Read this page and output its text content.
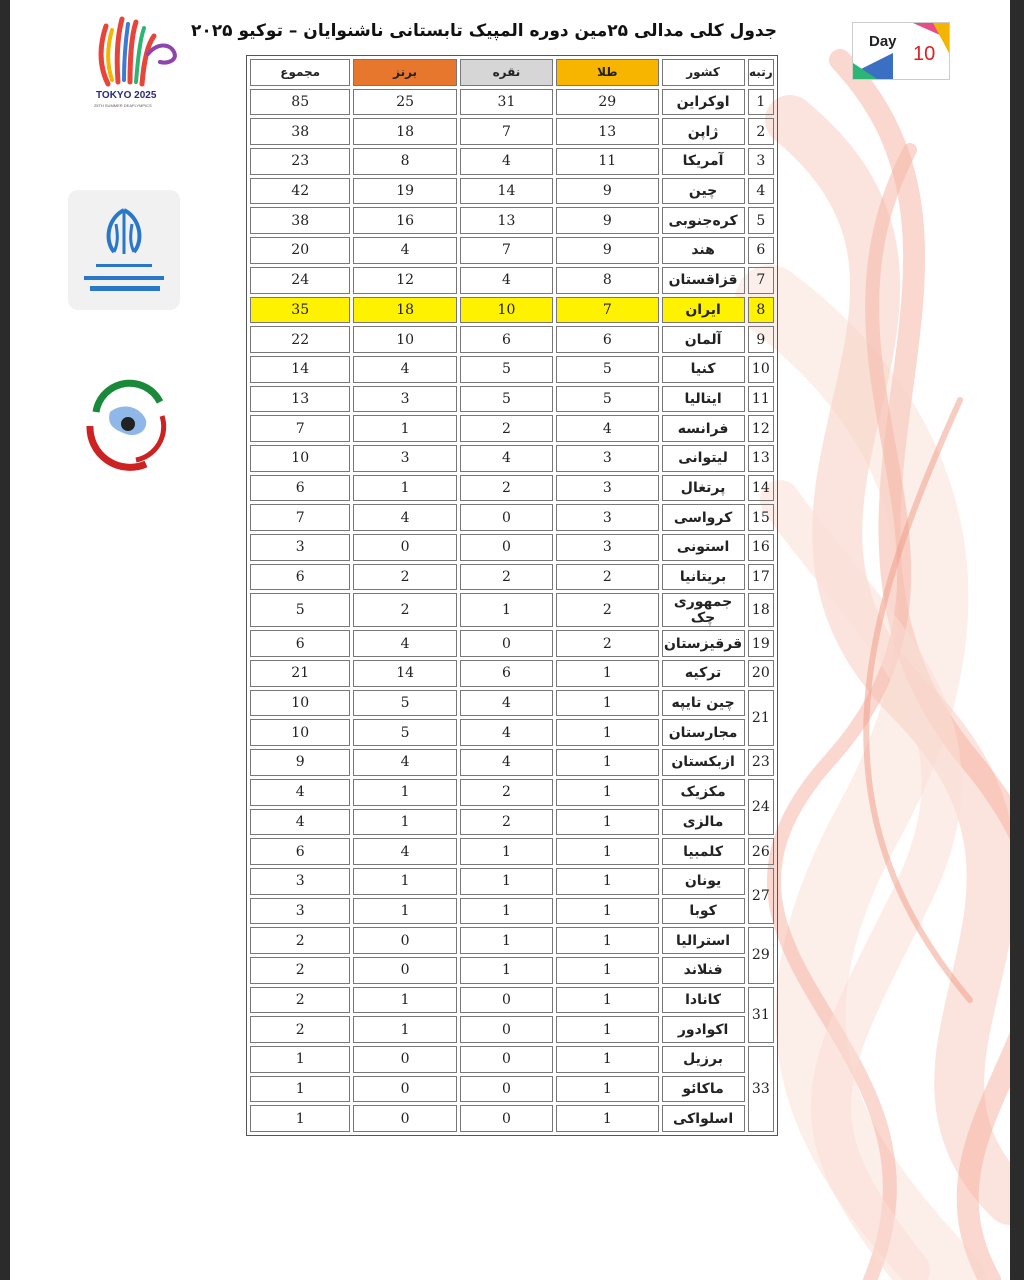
TOKYO 2025
25TH SUMMER DEAFLYMPICS
جدول کلی مدالی ۲۵مین دوره المپیک تابستانی ناشنوایان – توکیو ۲۰۲۵
Day
10
رتبه	کشور	طلا	نقره	برنز	مجموع
1	اوکراین	29	31	25	85
2	ژاپن	13	7	18	38
3	آمریکا	11	4	8	23
4	چین	9	14	19	42
5	کره‌جنوبی	9	13	16	38
6	هند	9	7	4	20
7	قزاقستان	8	4	12	24
8	ایران	7	10	18	35
9	آلمان	6	6	10	22
10	کنیا	5	5	4	14
11	ایتالیا	5	5	3	13
12	فرانسه	4	2	1	7
13	لیتوانی	3	4	3	10
14	پرتغال	3	2	1	6
15	کرواسی	3	0	4	7
16	استونی	3	0	0	3
17	بریتانیا	2	2	2	6
18	جمهوری چک	2	1	2	5
19	قرقیزستان	2	0	4	6
20	ترکیه	1	6	14	21
21	چین تایپه	1	4	5	10
	مجارستان	1	4	5	10
23	ازبکستان	1	4	4	9
24	مکزیک	1	2	1	4
	مالزی	1	2	1	4
26	کلمبیا	1	1	4	6
27	یونان	1	1	1	3
	کوبا	1	1	1	3
29	استرالیا	1	1	0	2
	فنلاند	1	1	0	2
31	کانادا	1	0	1	2
	اکوادور	1	0	1	2
33	برزیل	1	0	0	1
	ماکائو	1	0	0	1
	اسلواکی	1	0	0	1
